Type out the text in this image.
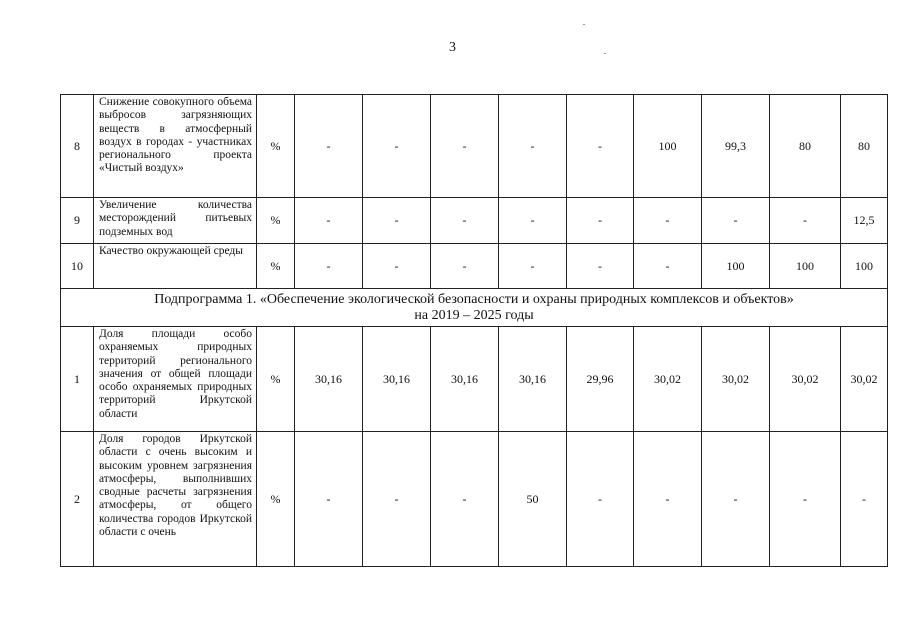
3
8	Снижение совокупного объема выбросов загрязняющих веществ в атмосферный воздух в городах - участниках регионального проекта «Чистый воздух»	%	-	-	-	-	-	100	99,3	80	80
9	Увеличение количества месторождений питьевых подземных вод	%	-	-	-	-	-	-	-	-	12,5
10	Качество окружающей среды	%	-	-	-	-	-	-	100	100	100

Подпрограмма 1. «Обеспечение экологической безопасности и охраны природных комплексов и объектов»
на 2019 – 2025 годы											

1	Доля площади особо охраняемых природных территорий регионального значения от общей площади особо охраняемых природных территорий Иркутской области	%	30,16	30,16	30,16	30,16	29,96	30,02	30,02	30,02	30,02
2	Доля городов Иркутской области с очень высоким и высоким уровнем загрязнения атмосферы, выполнивших сводные расчеты загрязнения атмосферы, от общего количества городов Иркутской области с очень	%	-	-	-	50	-	-	-	-	-
